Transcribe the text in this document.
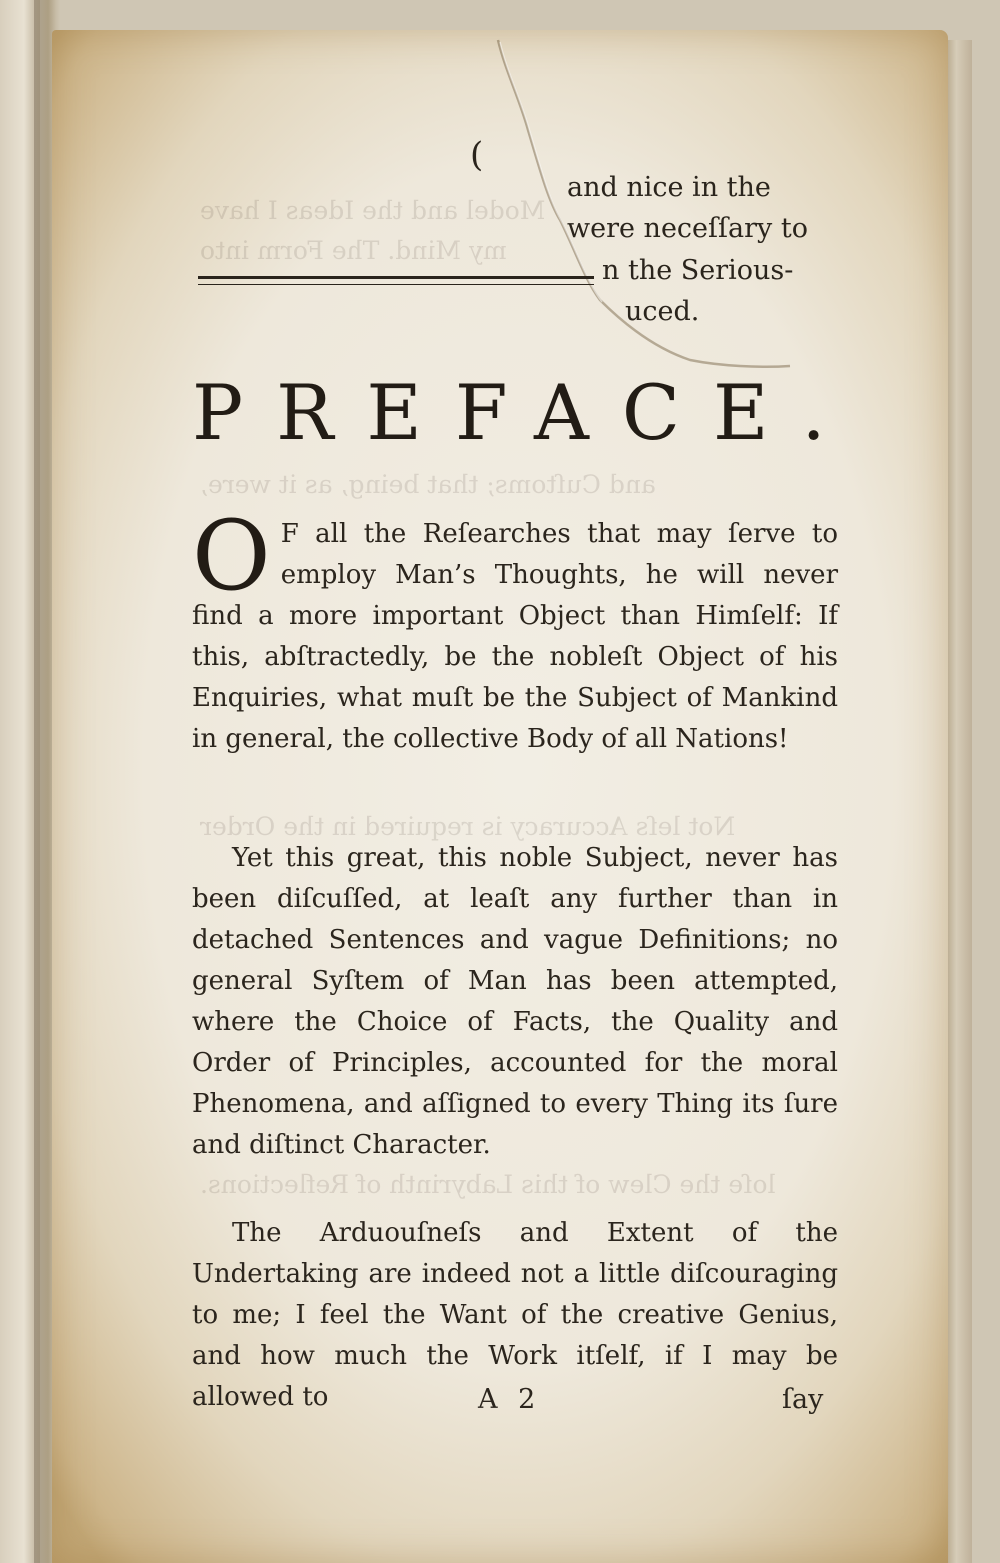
Model and the Ideas I have
my Mind. The Form into
and Cuſtoms; that being, as it were,
Not leſs Accuracy is required in the Order
loſe the Clew of this Labyrinth of Reflections.
(
and nice in the
were neceſſary to
n the Serious-
uced.
PREFACE.

O F all the Reſearches that may ſerve to employ Man’s Thoughts, he will never find a more important Object than Himſelf: If this, abſtractedly, be the nobleſt Object of his Enquiries, what muſt be the Subject of Mankind in general, the collective Body of all Nations!

Yet this great, this noble Subject, never has been diſcuſſed, at leaſt any further than in detached Sentences and vague Definitions; no general Syſtem of Man has been attempted, where the Choice of Facts, the Quality and Order of Principles, accounted for the moral Phenomena, and aſſigned to every Thing its ſure and diſtinct Character.

The Arduouſneſs and Extent of the Undertaking are indeed not a little diſcouraging to me; I feel the Want of the creative Genius, and how much the Work itſelf, if I may be allowed to	A 2	ſay
